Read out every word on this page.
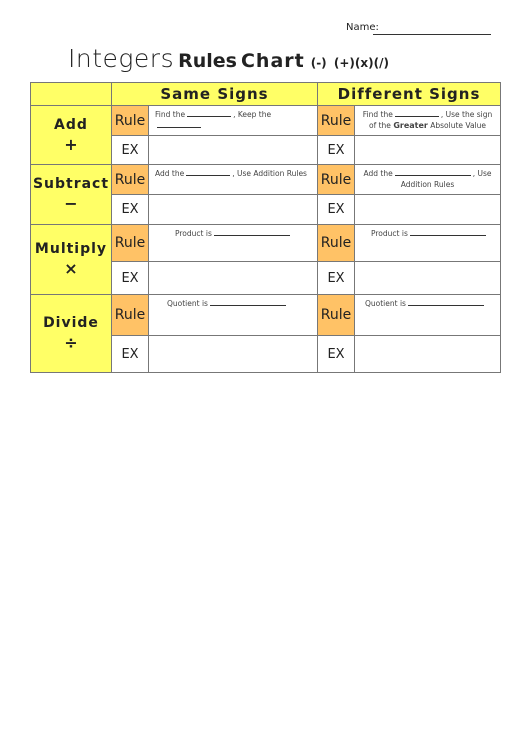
Name:
Integers Rules Chart (-) (+)(x)(/)
	Same Signs		Different Signs	

Add
+	Rule	Find the , Keep the	Rule	Find the , Use the sign
of the Greater Absolute Value
	EX		EX	

Subtract
−	Rule	Add the , Use Addition Rules	Rule	Add the , Use
Addition Rules
	EX		EX	

Multiply
×	Rule	Product is	Rule	Product is
	EX		EX	

Divide
÷	Rule	Quotient is	Rule	Quotient is
	EX		EX	
